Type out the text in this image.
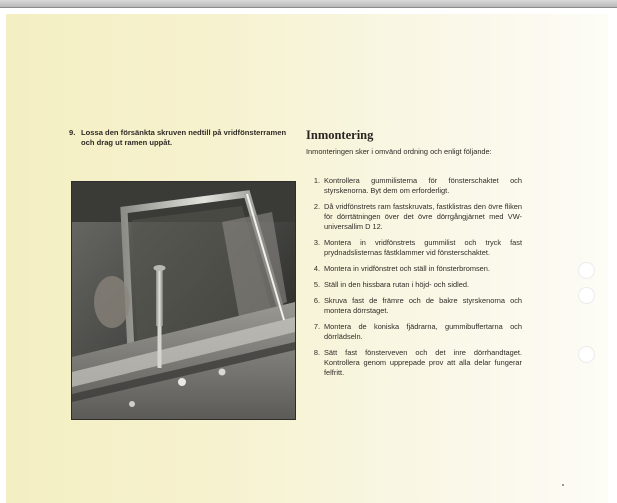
9. Lossa den försänkta skruven nedtill på vridfönsterramen och drag ut ramen uppåt.
Inmontering
Inmonteringen sker i omvänd ordning och enligt följande:
1. Kontrollera gummilisterna för fönsterschaktet och styrskenorna. Byt dem om erforderligt.
2. Då vridfönstrets ram fastskruvats, fastklistras den övre fliken för dörrtätningen över det övre dörrgångjärnet med VW-universallim D 12.
3. Montera in vridfönstrets gummilist och tryck fast prydnadslisternas fästklammer vid fönsterschaktet.
4. Montera in vridfönstret och ställ in fönsterbromsen.
5. Ställ in den hissbara rutan i höjd- och sidled.
6. Skruva fast de främre och de bakre styrskenorna och montera dörrstaget.
7. Montera de koniska fjädrarna, gummibuffertarna och dörrlädseln.
8. Sätt fast fönsterveven och det inre dörrhandtaget. Kontrollera genom upprepade prov att alla delar fungerar felfritt.
